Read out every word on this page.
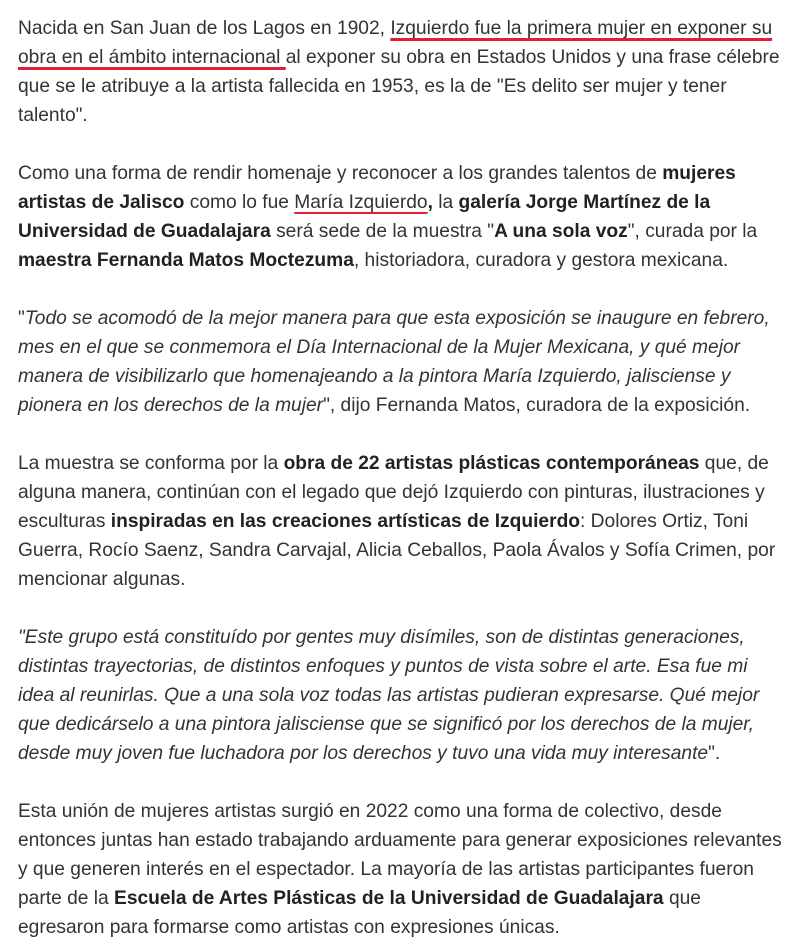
Nacida en San Juan de los Lagos en 1902, Izquierdo fue la primera mujer en exponer su obra en el ámbito internacional al exponer su obra en Estados Unidos y una frase célebre que se le atribuye a la artista fallecida en 1953, es la de "Es delito ser mujer y tener talento".

Como una forma de rendir homenaje y reconocer a los grandes talentos de mujeres artistas de Jalisco como lo fue María Izquierdo, la galería Jorge Martínez de la Universidad de Guadalajara será sede de la muestra "A una sola voz", curada por la maestra Fernanda Matos Moctezuma, historiadora, curadora y gestora mexicana.

"Todo se acomodó de la mejor manera para que esta exposición se inaugure en febrero, mes en el que se conmemora el Día Internacional de la Mujer Mexicana, y qué mejor manera de visibilizarlo que homenajeando a la pintora María Izquierdo, jalisciense y pionera en los derechos de la mujer", dijo Fernanda Matos, curadora de la exposición.

La muestra se conforma por la obra de 22 artistas plásticas contemporáneas que, de alguna manera, continúan con el legado que dejó Izquierdo con pinturas, ilustraciones y esculturas inspiradas en las creaciones artísticas de Izquierdo: Dolores Ortiz, Toni Guerra, Rocío Saenz, Sandra Carvajal, Alicia Ceballos, Paola Ávalos y Sofía Crimen, por mencionar algunas.

"Este grupo está constituído por gentes muy disímiles, son de distintas generaciones, distintas trayectorias, de distintos enfoques y puntos de vista sobre el arte. Esa fue mi idea al reunirlas. Que a una sola voz todas las artistas pudieran expresarse. Qué mejor que dedicárselo a una pintora jalisciense que se significó por los derechos de la mujer, desde muy joven fue luchadora por los derechos y tuvo una vida muy interesante".

Esta unión de mujeres artistas surgió en 2022 como una forma de colectivo, desde entonces juntas han estado trabajando arduamente para generar exposiciones relevantes y que generen interés en el espectador. La mayoría de las artistas participantes fueron parte de la Escuela de Artes Plásticas de la Universidad de Guadalajara que egresaron para formarse como artistas con expresiones únicas.
